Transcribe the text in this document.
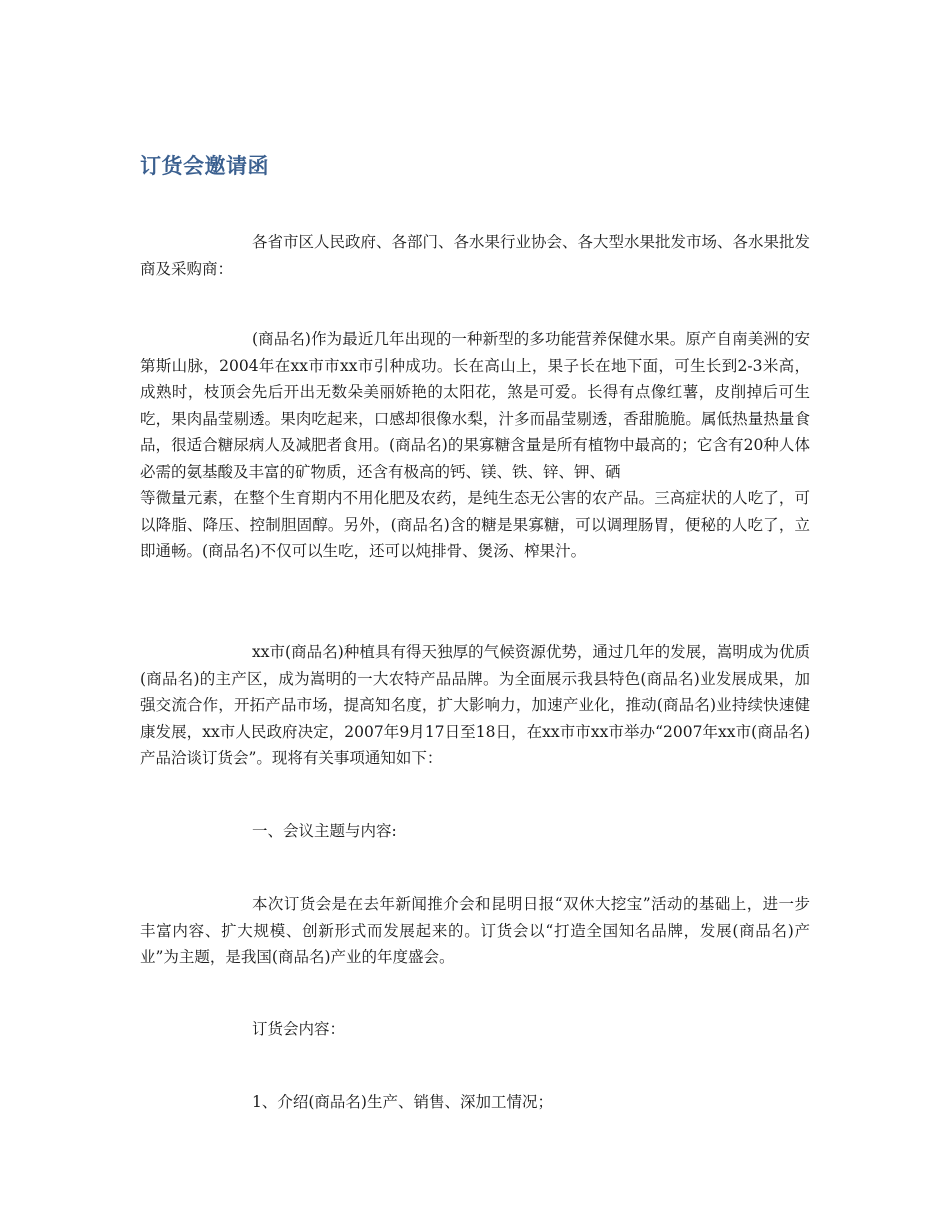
订货会邀请函

各省市区人民政府、各部门、各水果行业协会、各大型水果批发市场、各水果批发商及采购商：

(商品名)作为最近几年出现的一种新型的多功能营养保健水果。原产自南美洲的安第斯山脉，2004年在xx市市xx市引种成功。长在高山上，果子长在地下面，可生长到2-3米高，成熟时，枝顶会先后开出无数朵美丽娇艳的太阳花，煞是可爱。长得有点像红薯，皮削掉后可生吃，果肉晶莹剔透。果肉吃起来，口感却很像水梨，汁多而晶莹剔透，香甜脆脆。属低热量热量食品，很适合糖尿病人及减肥者食用。(商品名)的果寡糖含量是所有植物中最高的；它含有20种人体必需的氨基酸及丰富的矿物质，还含有极高的钙、镁、铁、锌、钾、硒
等微量元素，在整个生育期内不用化肥及农药，是纯生态无公害的农产品。三高症状的人吃了，可以降脂、降压、控制胆固醇。另外，(商品名)含的糖是果寡糖，可以调理肠胃，便秘的人吃了，立即通畅。(商品名)不仅可以生吃，还可以炖排骨、煲汤、榨果汁。

xx市(商品名)种植具有得天独厚的气候资源优势，通过几年的发展，嵩明成为优质(商品名)的主产区，成为嵩明的一大农特产品品牌。为全面展示我县特色(商品名)业发展成果，加强交流合作，开拓产品市场，提高知名度，扩大影响力，加速产业化，推动(商品名)业持续快速健康发展，xx市人民政府决定，2007年9月17日至18日，在xx市市xx市举办“2007年xx市(商品名)产品洽谈订货会”。现将有关事项通知如下：

一、会议主题与内容:

本次订货会是在去年新闻推介会和昆明日报“双休大挖宝”活动的基础上，进一步丰富内容、扩大规模、创新形式而发展起来的。订货会以“打造全国知名品牌，发展(商品名)产业”为主题，是我国(商品名)产业的年度盛会。

订货会内容：

1、介绍(商品名)生产、销售、深加工情况；
